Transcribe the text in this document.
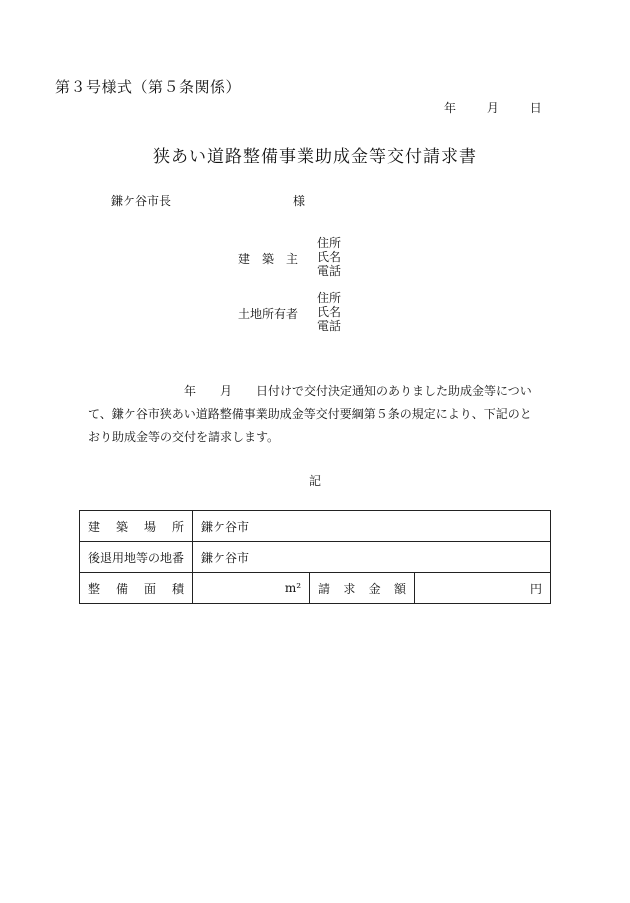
第３号様式（第５条関係）
年	月	日
狭あい道路整備事業助成金等交付請求書
鎌ケ谷市長	様
建　築　主
住所
氏名
電話
土地所有者
住所
氏名
電話
　　　　　　　　年　　月　　日付けで交付決定通知のありました助成金等について、鎌ケ谷市狭あい道路整備事業助成金等交付要綱第５条の規定により、下記のとおり助成金等の交付を請求します。
記
建 築 場 所	鎌ケ谷市		
後退用地等の地番	鎌ケ谷市		

整 備 面 積	m²	請 求 金 額	円
